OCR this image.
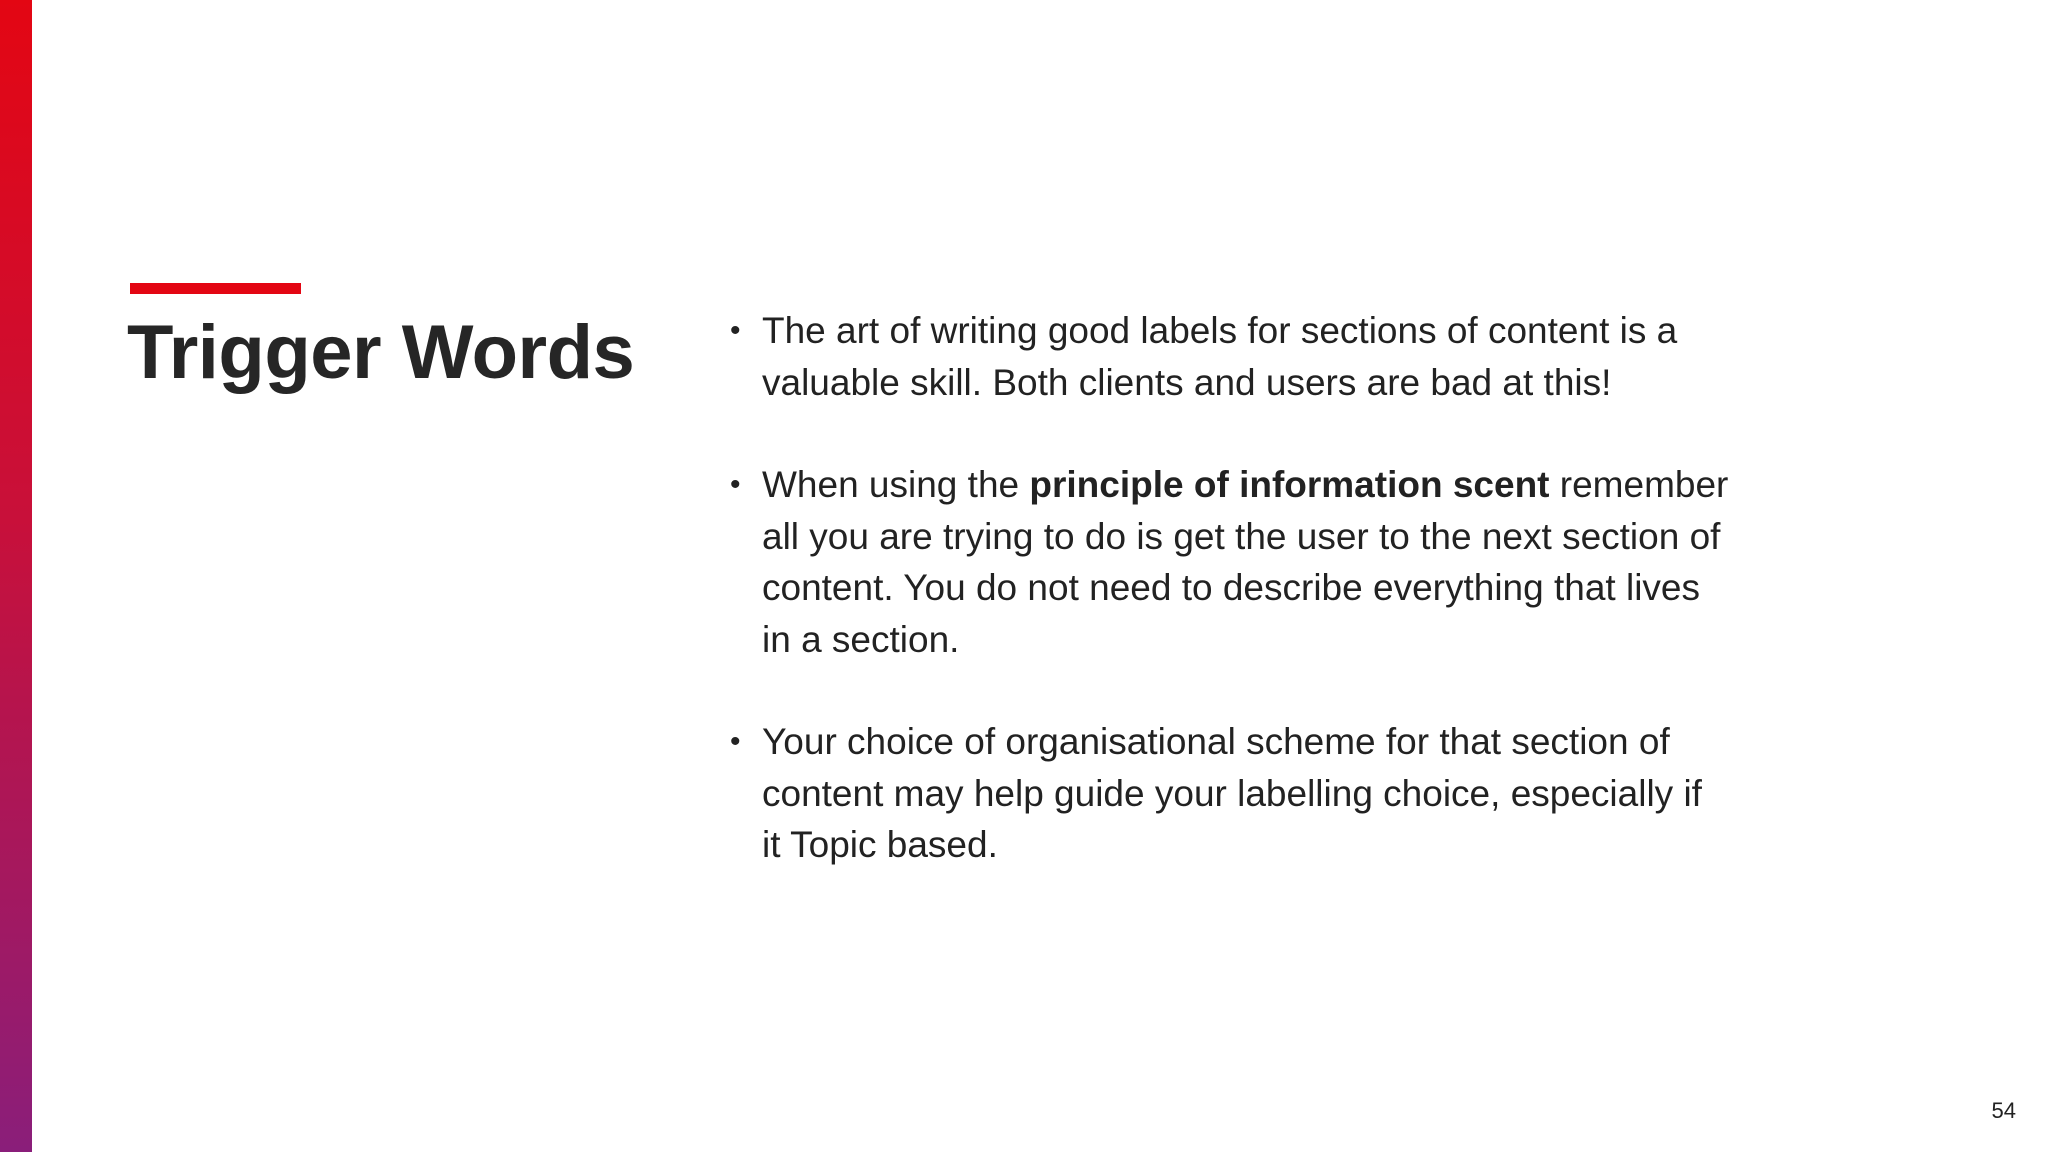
Trigger Words	• The art of writing good labels for sections of content is a valuable skill. Both clients and users are bad at this!
• When using the principle of information scent remember all you are trying to do is get the user to the next section of content. You do not need to describe everything that lives in a section.
• Your choice of organisational scheme for that section of content may help guide your labelling choice, especially if it Topic based.
54
